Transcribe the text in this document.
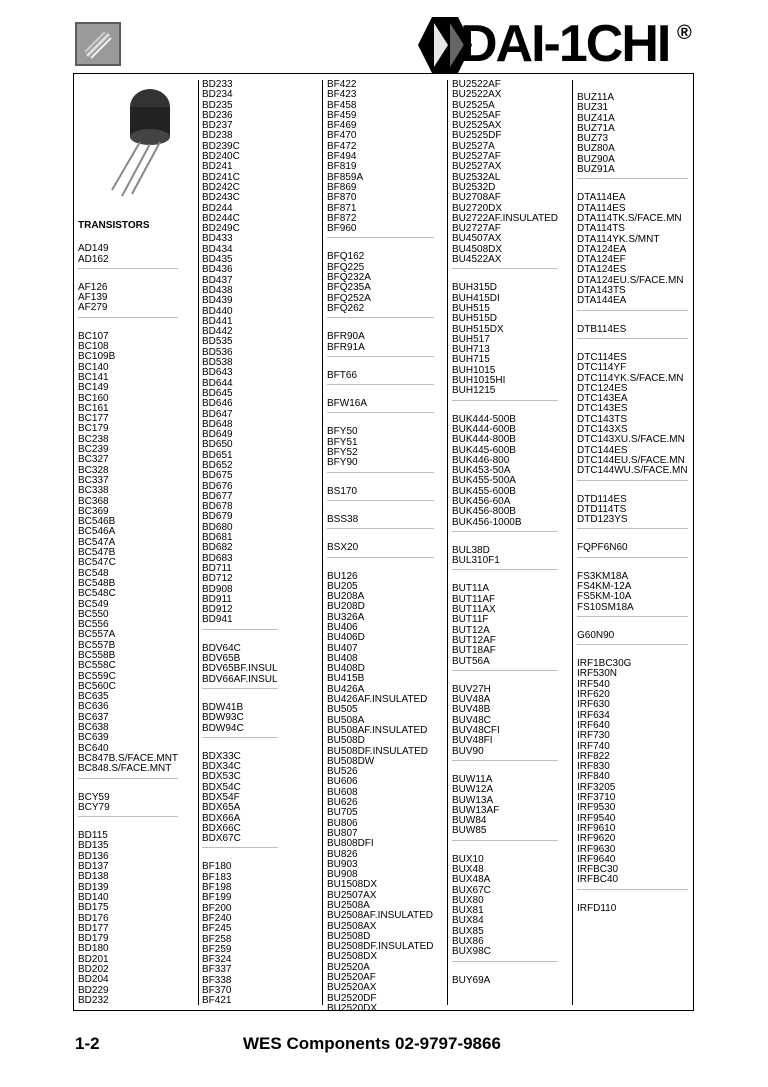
DAI-1CHI ®
TRANSISTORS
AD149
AD162
AF126
AF139
AF279
BC107
BC108
BC109B
BC140
BC141
BC149
BC160
BC161
BC177
BC179
BC238
BC239
BC327
BC328
BC337
BC338
BC368
BC369
BC546B
BC546A
BC547A
BC547B
BC547C
BC548
BC548B
BC548C
BC549
BC550
BC556
BC557A
BC557B
BC558B
BC558C
BC559C
BC560C
BC635
BC636
BC637
BC638
BC639
BC640
BC847B.S/FACE.MNT
BC848.S/FACE.MNT
BCY59
BCY79
BD115
BD135
BD136
BD137
BD138
BD139
BD140
BD175
BD176
BD177
BD179
BD180
BD201
BD202
BD204
BD229
BD232
BD233
BD234
BD235
BD236
BD237
BD238
BD239C
BD240C
BD241
BD241C
BD242C
BD243C
BD244
BD244C
BD249C
BD433
BD434
BD435
BD436
BD437
BD438
BD439
BD440
BD441
BD442
BD535
BD536
BD538
BD643
BD644
BD645
BD646
BD647
BD648
BD649
BD650
BD651
BD652
BD675
BD676
BD677
BD678
BD679
BD680
BD681
BD682
BD683
BD711
BD712
BD908
BD911
BD912
BD941
BDV64C
BDV65B
BDV65BF.INSUL
BDV66AF.INSUL
BDW41B
BDW93C
BDW94C
BDX33C
BDX34C
BDX53C
BDX54C
BDX54F
BDX65A
BDX66A
BDX66C
BDX67C
BF180
BF183
BF198
BF199
BF200
BF240
BF245
BF258
BF259
BF324
BF337
BF338
BF370
BF421
BF422
BF423
BF458
BF459
BF469
BF470
BF472
BF494
BF819
BF859A
BF869
BF870
BF871
BF872
BF960
BFQ162
BFQ225
BFQ232A
BFQ235A
BFQ252A
BFQ262
BFR90A
BFR91A
BFT66
BFW16A
BFY50
BFY51
BFY52
BFY90
BS170
BSS38
BSX20
BU126
BU205
BU208A
BU208D
BU326A
BU406
BU406D
BU407
BU408
BU408D
BU415B
BU426A
BU426AF.INSULATED
BU505
BU508A
BU508AF.INSULATED
BU508D
BU508DF.INSULATED
BU508DW
BU526
BU606
BU608
BU626
BU705
BU806
BU807
BU808DFI
BU826
BU903
BU908
BU1508DX
BU2507AX
BU2508A
BU2508AF.INSULATED
BU2508AX
BU2508D
BU2508DF.INSULATED
BU2508DX
BU2520A
BU2520AF
BU2520AX
BU2520DF
BU2520DX
BU2522AF
BU2522AX
BU2525A
BU2525AF
BU2525AX
BU2525DF
BU2527A
BU2527AF
BU2527AX
BU2532AL
BU2532D
BU2708AF
BU2720DX
BU2722AF.INSULATED
BU2727AF
BU4507AX
BU4508DX
BU4522AX
BUH315D
BUH415DI
BUH515
BUH515D
BUH515DX
BUH517
BUH713
BUH715
BUH1015
BUH1015HI
BUH1215
BUK444-500B
BUK444-600B
BUK444-800B
BUK445-600B
BUK446-800
BUK453-50A
BUK455-500A
BUK455-600B
BUK456-60A
BUK456-800B
BUK456-1000B
BUL38D
BUL310F1
BUT11A
BUT11AF
BUT11AX
BUT11F
BUT12A
BUT12AF
BUT18AF
BUT56A
BUV27H
BUV48A
BUV48B
BUV48C
BUV48CFI
BUV48FI
BUV90
BUW11A
BUW12A
BUW13A
BUW13AF
BUW84
BUW85
BUX10
BUX48
BUX48A
BUX67C
BUX80
BUX81
BUX84
BUX85
BUX86
BUX98C
BUY69A
BUZ11A
BUZ31
BUZ41A
BUZ71A
BUZ73
BUZ80A
BUZ90A
BUZ91A
DTA114EA
DTA114ES
DTA114TK.S/FACE.MN
DTA114TS
DTA114YK.S/MNT
DTA124EA
DTA124EF
DTA124ES
DTA124EU.S/FACE.MN
DTA143TS
DTA144EA
DTB114ES
DTC114ES
DTC114YF
DTC114YK.S/FACE.MN
DTC124ES
DTC143EA
DTC143ES
DTC143TS
DTC143XS
DTC143XU.S/FACE.MN
DTC144ES
DTC144EU.S/FACE.MN
DTC144WU.S/FACE.MN
DTD114ES
DTD114TS
DTD123YS
FQPF6N60
FS3KM18A
FS4KM-12A
FS5KM-10A
FS10SM18A
G60N90
IRF1BC30G
IRF530N
IRF540
IRF620
IRF630
IRF634
IRF640
IRF730
IRF740
IRF822
IRF830
IRF840
IRF3205
IRF3710
IRF9530
IRF9540
IRF9610
IRF9620
IRF9630
IRF9640
IRFBC30
IRFBC40
IRFD110
1-2	WES Components 02-9797-9866
